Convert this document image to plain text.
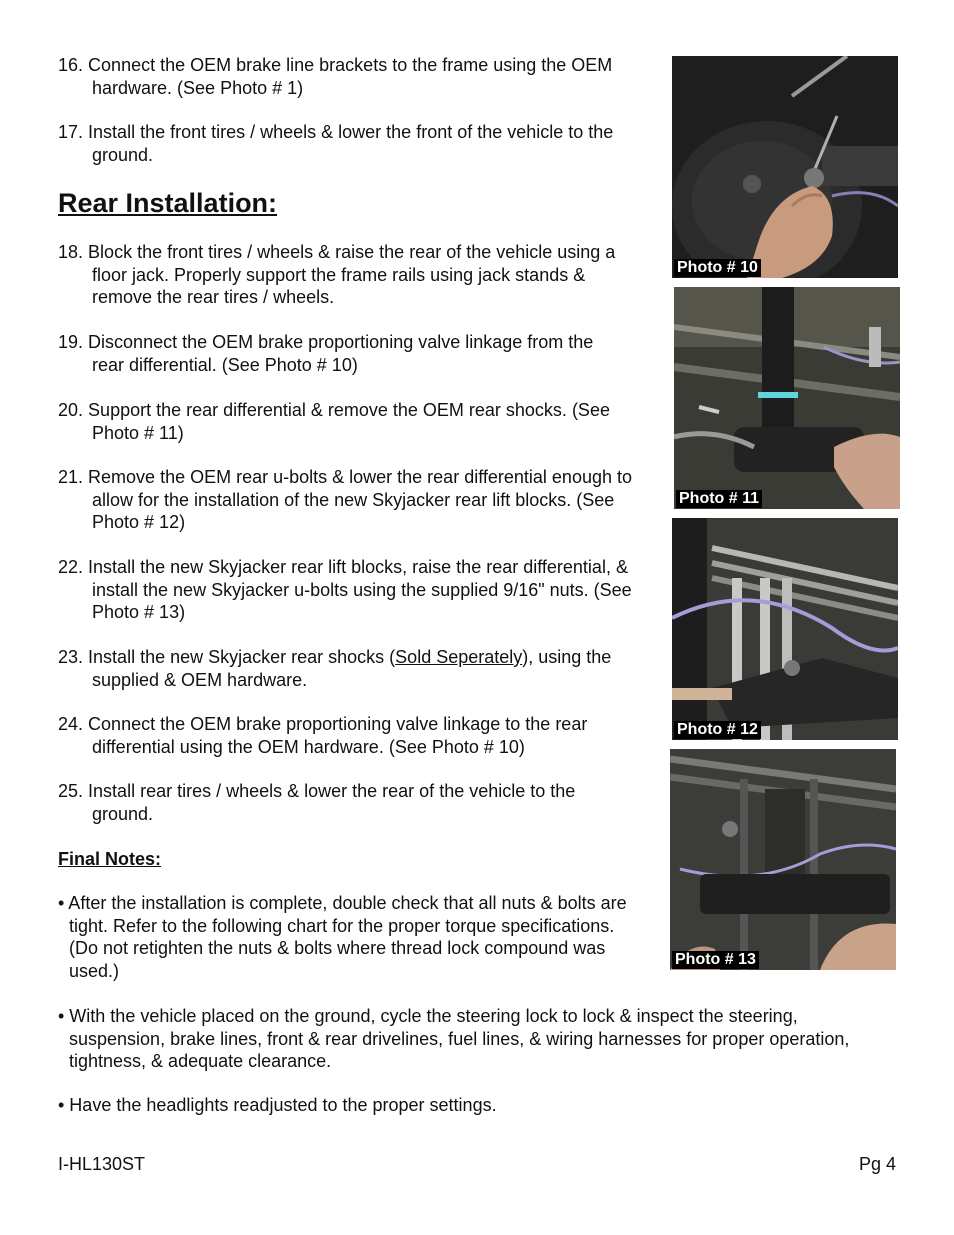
16. Connect the OEM brake line brackets to the frame using the OEM
hardware. (See Photo # 1)

17. Install the front tires / wheels & lower the front of the vehicle to the
ground.

Rear Installation:

18. Block the front tires / wheels & raise the rear of the vehicle using a
floor jack. Properly support the frame rails using jack stands &
remove the rear tires / wheels.

19. Disconnect the OEM brake proportioning valve linkage from the
rear differential. (See Photo # 10)

20. Support the rear differential & remove the OEM rear shocks. (See
Photo # 11)

21. Remove the OEM rear u-bolts & lower the rear differential enough to
allow for the installation of the new Skyjacker rear lift blocks. (See
Photo # 12)

22. Install the new Skyjacker rear lift blocks, raise the rear differential, &
install the new Skyjacker u-bolts using the supplied 9/16" nuts. (See
Photo # 13)

23. Install the new Skyjacker rear shocks (Sold Seperately), using the
supplied & OEM hardware.

24. Connect the OEM brake proportioning valve linkage to the rear
differential using the OEM hardware. (See Photo # 10)

25. Install rear tires / wheels & lower the rear of the vehicle to the
ground.

Final Notes:

• After the installation is complete, double check that all nuts & bolts are
tight. Refer to the following chart for the proper torque specifications.
(Do not retighten the nuts & bolts where thread lock compound was
used.)

• With the vehicle placed on the ground, cycle the steering lock to lock & inspect the steering,
suspension, brake lines, front & rear drivelines, fuel lines, & wiring harnesses for proper operation,
tightness, & adequate clearance.

• Have the headlights readjusted to the proper settings.

Photo # 10
Photo # 11
Photo # 12
Photo # 13
I-HL130ST	Pg 4
